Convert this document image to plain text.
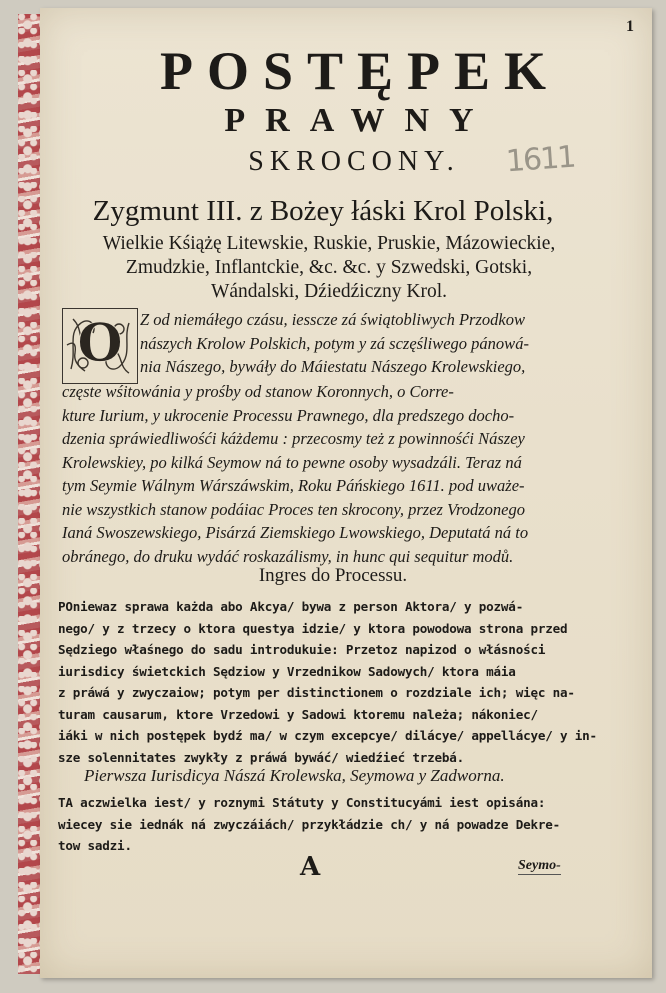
1
POSTĘPEK
PRAWNY
SKROCONY.	1611
Zygmunt III. z Bożey łáski Krol Polski,
Wielkie Kśiążę Litewskie, Ruskie, Pruskie, Mázowieckie,
Zmudzkie, Inflantckie, &c. &c. y Szwedski, Gotski,
Wándalski, Dźiedźiczny Krol.
O Z od niemáłego czásu, iesscze zá świątobliwych Przodkow
nászych Krolow Polskich, potym y zá sczęśliwego pánowá-
nia Nászego, bywáły do Máiestatu Nászego Krolewskiego,
częste wśitowánia y prośby od stanow Koronnych, o Corre-
kture Iurium, y ukrocenie Processu Prawnego, dla predszego docho-
dzenia spráwiedliwośći káżdemu : przecosmy też z powinnośći Nászey
Krolewskiey, po kilká Seymow ná to pewne osoby wysadzáli. Teraz ná
tym Seymie Wálnym Wárszáwskim, Roku Páńskiego 1611. pod uważe-
nie wszystkich stanow podáiac Proces ten skrocony, przez Vrodzonego
Ianá Swoszewskiego, Pisárzá Ziemskiego Lwowskiego, Deputatá ná to
obránego, do druku wydáć roskazálismy, in hunc qui sequitur modů.
Ingres do Processu.
POniewaz sprawa każda abo Akcya/ bywa z person Aktora/ y pozwá-
nego/ y z trzecy o ktora questya idzie/ y ktora powodowa strona przed
Sędziego właśnego do sadu introdukuie: Przetoz napizod o włásności
iurisdicy świetckich Sędziow y Vrzednikow Sadowych/ ktora máia
z práwá y zwyczaiow; potym per distinctionem o rozdziale ich; więc na-
turam causarum, ktore Vrzedowi y Sadowi ktoremu należa; nákoniec/
iáki w nich postępek bydź ma/ w czym excepcye/ dilácye/ appellácye/ y in-
sze solennitates zwykły z práwá bywáć/ wiedźieć trzebá.
Pierwsza Iurisdicya Nászá Krolewska, Seymowa y Zadworna.
TA aczwielka iest/ y roznymi Státuty y Constitucyámi iest opisána:
wiecey sie iednák ná zwyczáiách/ przykłádzie ch/ y ná powadze Dekre-
tow sadzi.
A	Seymo-
